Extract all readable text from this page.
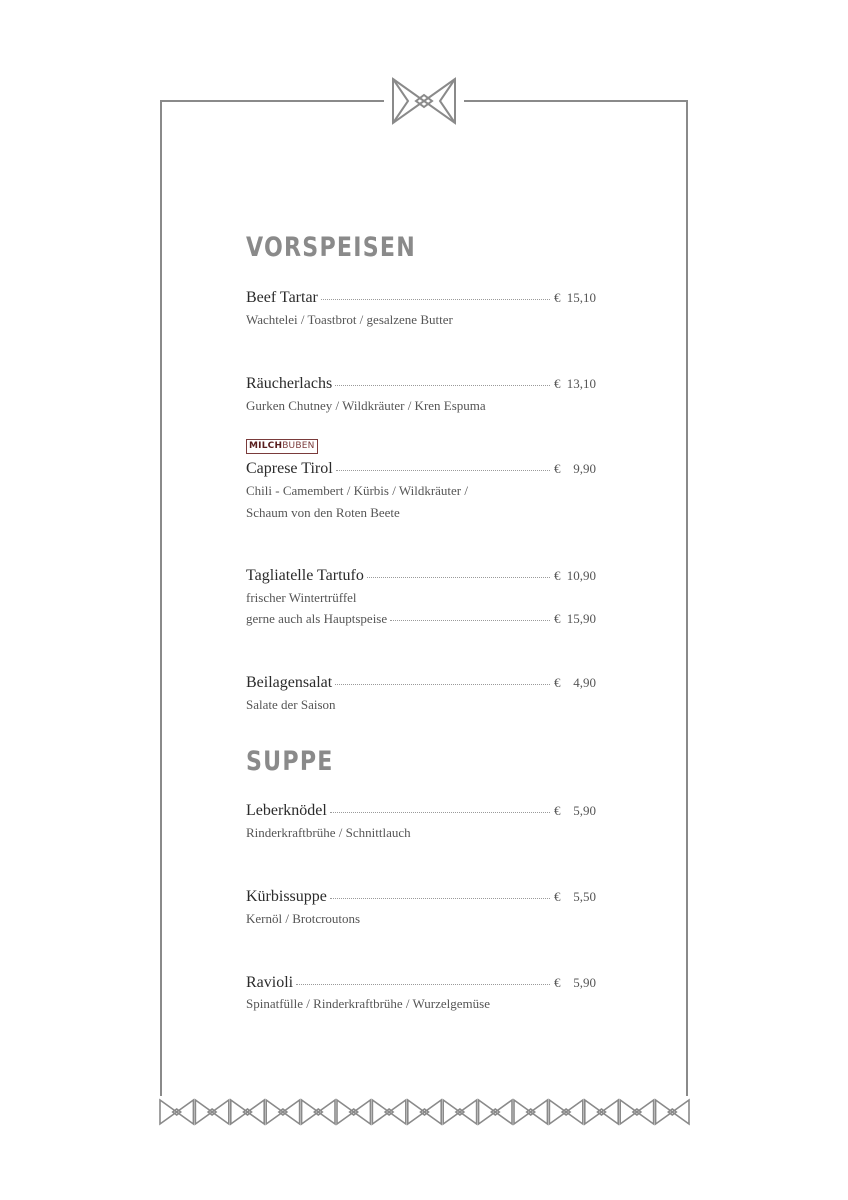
VORSPEISEN
Beef Tartar	€ 15,10
Wachtelei / Toastbrot / gesalzene Butter
Räucherlachs	€ 13,10
Gurken Chutney / Wildkräuter / Kren Espuma
MILCHBUBEN
Caprese Tirol	€ 9,90
Chili - Camembert / Kürbis / Wildkräuter /
Schaum von den Roten Beete
Tagliatelle Tartufo	€ 10,90
frischer Wintertrüffel
gerne auch als Hauptspeise	€ 15,90
Beilagensalat	€ 4,90
Salate der Saison
SUPPE
Leberknödel	€ 5,90
Rinderkraftbrühe / Schnittlauch
Kürbissuppe	€ 5,50
Kernöl / Brotcroutons
Ravioli	€ 5,90
Spinatfülle / Rinderkraftbrühe / Wurzelgemüse
